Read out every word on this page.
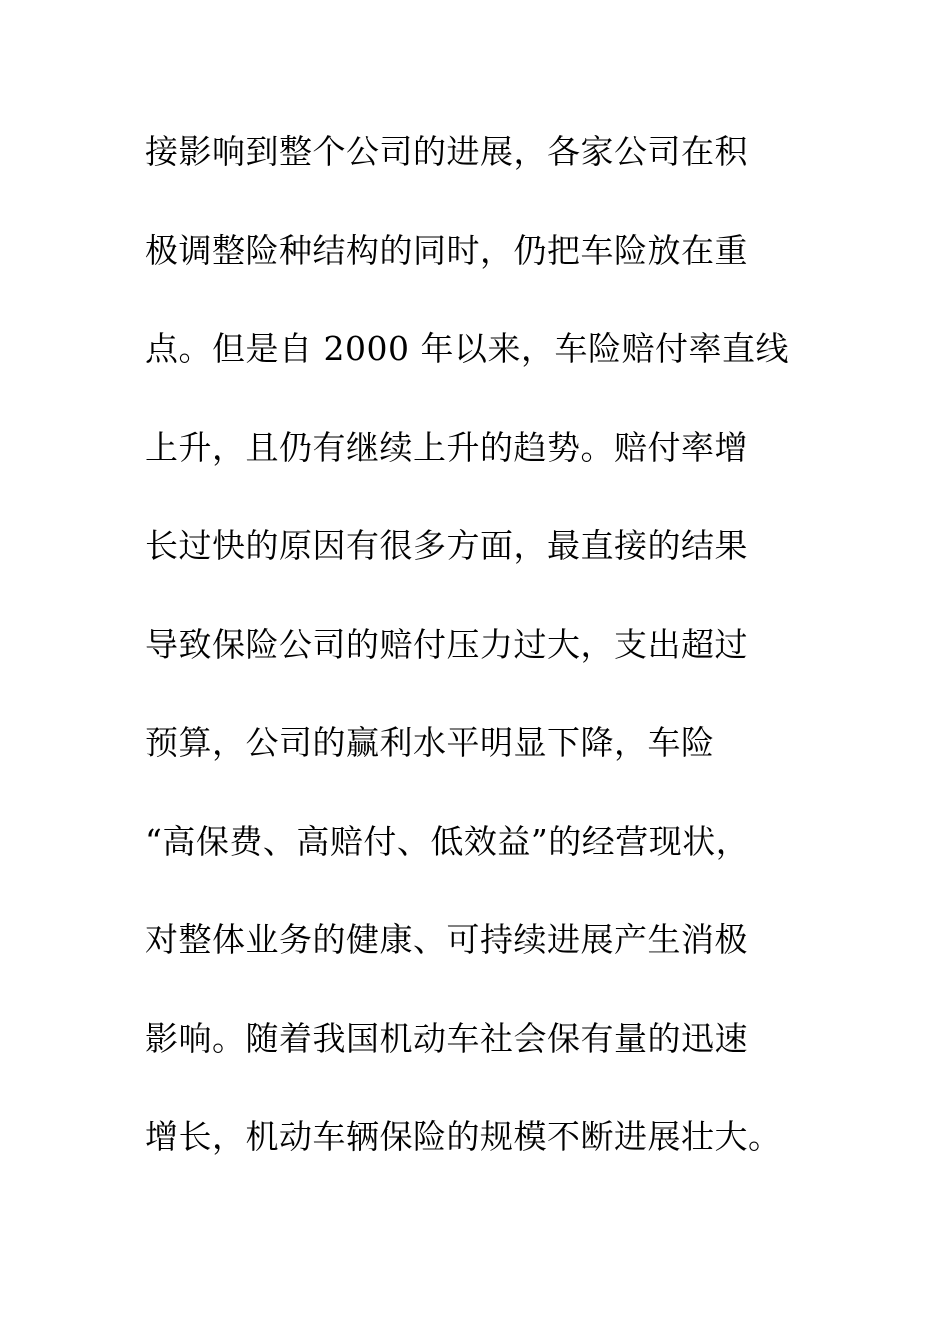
接影响到整个公司的进展，各家公司在积
极调整险种结构的同时，仍把车险放在重
点。但是自 2000 年以来，车险赔付率直线
上升，且仍有继续上升的趋势。赔付率增
长过快的原因有很多方面，最直接的结果
导致保险公司的赔付压力过大，支出超过
预算，公司的赢利水平明显下降，车险
“高保费、高赔付、低效益”的经营现状，
对整体业务的健康、可持续进展产生消极
影响。随着我国机动车社会保有量的迅速
增长，机动车辆保险的规模不断进展壮大。
